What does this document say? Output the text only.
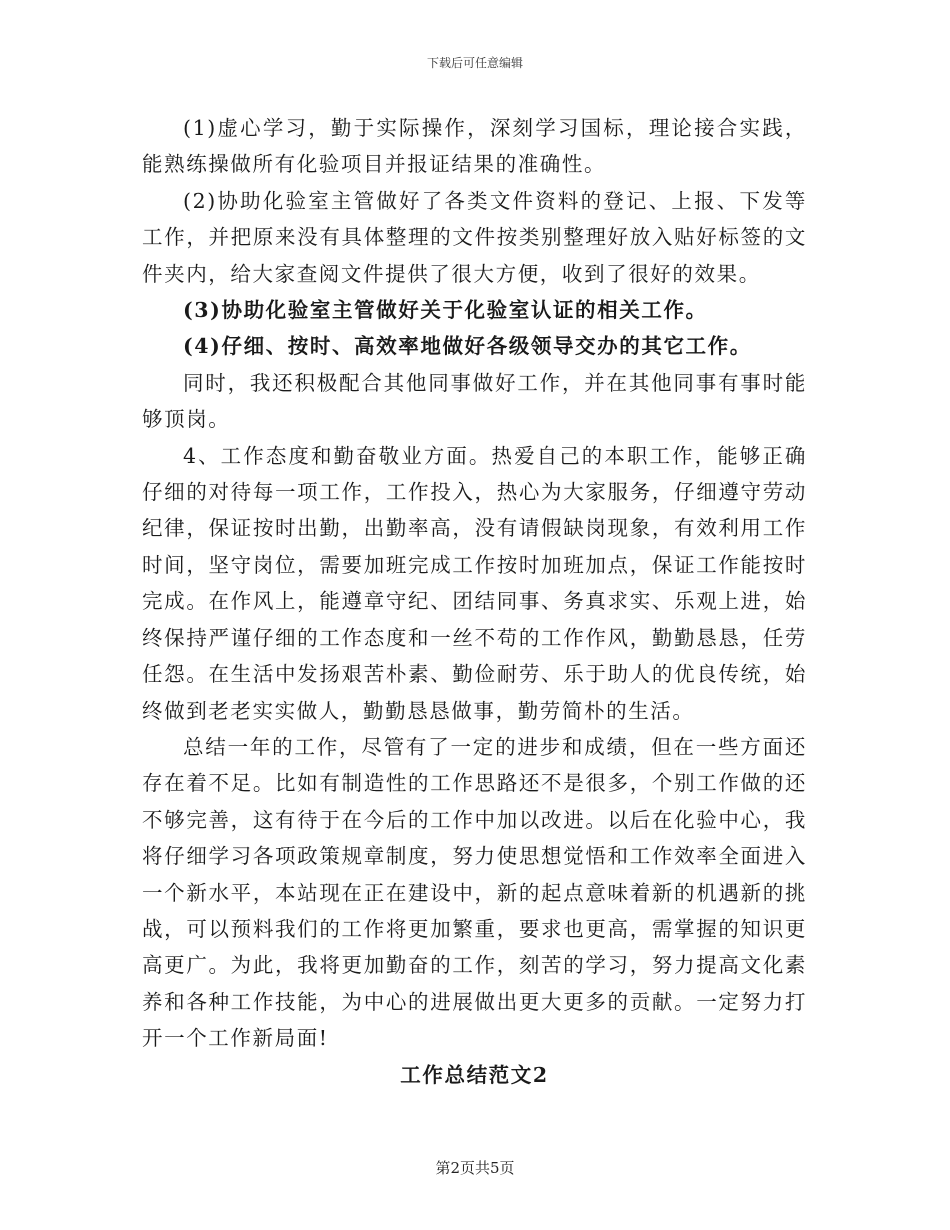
下载后可任意编辑

(1)虚心学习，勤于实际操作，深刻学习国标，理论接合实践，能熟练操做所有化验项目并报证结果的准确性。

(2)协助化验室主管做好了各类文件资料的登记、上报、下发等工作，并把原来没有具体整理的文件按类别整理好放入贴好标签的文件夹内，给大家查阅文件提供了很大方便，收到了很好的效果。

(3)协助化验室主管做好关于化验室认证的相关工作。

(4)仔细、按时、高效率地做好各级领导交办的其它工作。

同时，我还积极配合其他同事做好工作，并在其他同事有事时能够顶岗。

4、工作态度和勤奋敬业方面。热爱自己的本职工作，能够正确仔细的对待每一项工作，工作投入，热心为大家服务，仔细遵守劳动纪律，保证按时出勤，出勤率高，没有请假缺岗现象，有效利用工作时间，坚守岗位，需要加班完成工作按时加班加点，保证工作能按时完成。在作风上，能遵章守纪、团结同事、务真求实、乐观上进，始终保持严谨仔细的工作态度和一丝不苟的工作作风，勤勤恳恳，任劳任怨。在生活中发扬艰苦朴素、勤俭耐劳、乐于助人的优良传统，始终做到老老实实做人，勤勤恳恳做事，勤劳简朴的生活。

总结一年的工作，尽管有了一定的进步和成绩，但在一些方面还存在着不足。比如有制造性的工作思路还不是很多，个别工作做的还不够完善，这有待于在今后的工作中加以改进。以后在化验中心，我将仔细学习各项政策规章制度，努力使思想觉悟和工作效率全面进入一个新水平，本站现在正在建设中，新的起点意味着新的机遇新的挑战，可以预料我们的工作将更加繁重，要求也更高，需掌握的知识更高更广。为此，我将更加勤奋的工作，刻苦的学习，努力提高文化素养和各种工作技能，为中心的进展做出更大更多的贡献。一定努力打开一个工作新局面!

工作总结范文2

第2页共5页
